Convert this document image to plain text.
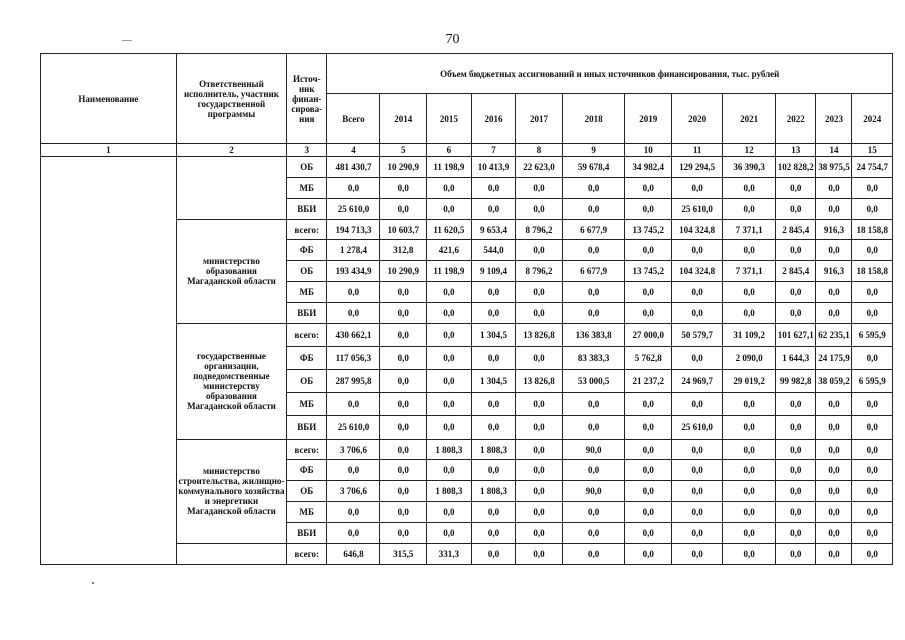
70
Наименование	Ответственный исполнитель, участник государственной программы	Источ-ник финан-сирова-ния	Объем бюджетных ассигнований и иных источников финансирования, тыс. рублей											
			Всего	2014	2015	2016	2017	2018	2019	2020	2021	2022	2023	2024
1	2	3	4	5	6	7	8	9	10	11	12	13	14	15
		ОБ	481 430,7	10 290,9	11 198,9	10 413,9	22 623,0	59 678,4	34 982,4	129 294,5	36 390,3	102 828,2	38 975,5	24 754,7
		МБ	0,0	0,0	0,0	0,0	0,0	0,0	0,0	0,0	0,0	0,0	0,0	0,0
		ВБИ	25 610,0	0,0	0,0	0,0	0,0	0,0	0,0	25 610,0	0,0	0,0	0,0	0,0
	министерство образования Магаданской области	всего:	194 713,3	10 603,7	11 620,5	9 653,4	8 796,2	6 677,9	13 745,2	104 324,8	7 371,1	2 845,4	916,3	18 158,8
		ФБ	1 278,4	312,8	421,6	544,0	0,0	0,0	0,0	0,0	0,0	0,0	0,0	0,0
		ОБ	193 434,9	10 290,9	11 198,9	9 109,4	8 796,2	6 677,9	13 745,2	104 324,8	7 371,1	2 845,4	916,3	18 158,8
		МБ	0,0	0,0	0,0	0,0	0,0	0,0	0,0	0,0	0,0	0,0	0,0	0,0
		ВБИ	0,0	0,0	0,0	0,0	0,0	0,0	0,0	0,0	0,0	0,0	0,0	0,0
	государственные организации, подведомственные министерству образования Магаданской области	всего:	430 662,1	0,0	0,0	1 304,5	13 826,8	136 383,8	27 000,0	50 579,7	31 109,2	101 627,1	62 235,1	6 595,9
		ФБ	117 056,3	0,0	0,0	0,0	0,0	83 383,3	5 762,8	0,0	2 090,0	1 644,3	24 175,9	0,0
		ОБ	287 995,8	0,0	0,0	1 304,5	13 826,8	53 000,5	21 237,2	24 969,7	29 019,2	99 982,8	38 059,2	6 595,9
		МБ	0,0	0,0	0,0	0,0	0,0	0,0	0,0	0,0	0,0	0,0	0,0	0,0
		ВБИ	25 610,0	0,0	0,0	0,0	0,0	0,0	0,0	25 610,0	0,0	0,0	0,0	0,0
	министерство строительства, жилищно-коммунального хозяйства и энергетики Магаданской области	всего:	3 706,6	0,0	1 808,3	1 808,3	0,0	90,0	0,0	0,0	0,0	0,0	0,0	0,0
		ФБ	0,0	0,0	0,0	0,0	0,0	0,0	0,0	0,0	0,0	0,0	0,0	0,0
		ОБ	3 706,6	0,0	1 808,3	1 808,3	0,0	90,0	0,0	0,0	0,0	0,0	0,0	0,0
		МБ	0,0	0,0	0,0	0,0	0,0	0,0	0,0	0,0	0,0	0,0	0,0	0,0
		ВБИ	0,0	0,0	0,0	0,0	0,0	0,0	0,0	0,0	0,0	0,0	0,0	0,0
		всего:	646,8	315,5	331,3	0,0	0,0	0,0	0,0	0,0	0,0	0,0	0,0	0,0
